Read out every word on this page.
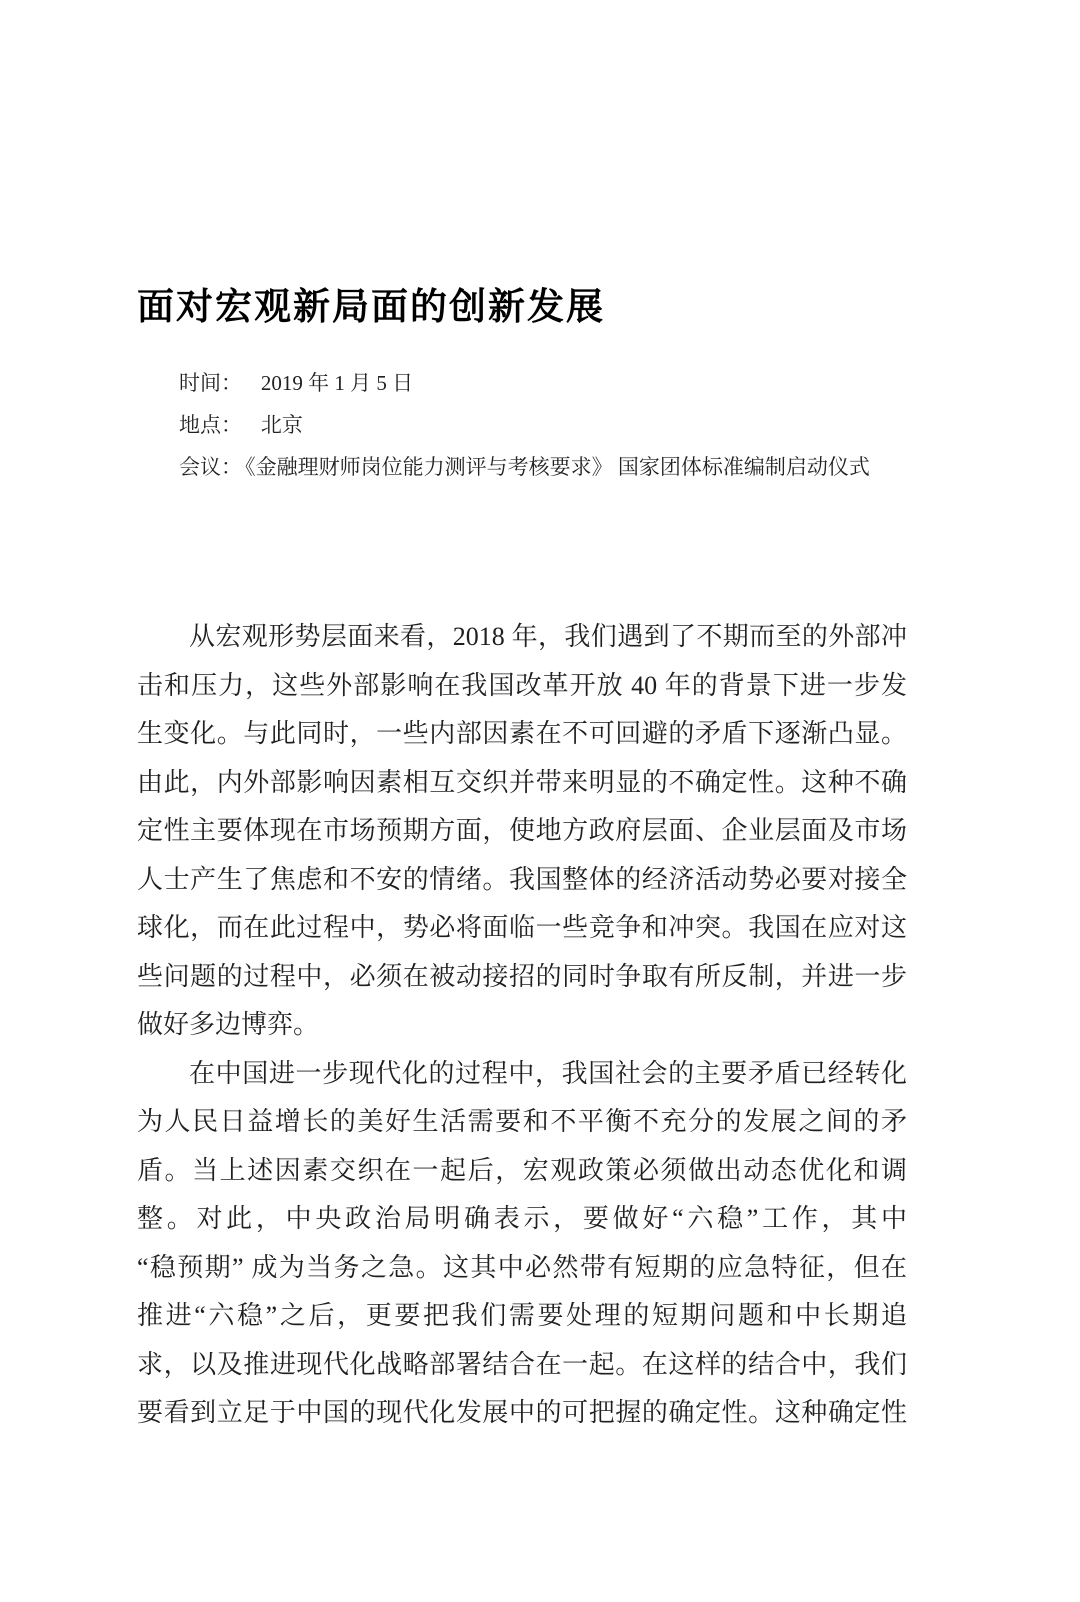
面对宏观新局面的创新发展
时间： 2019 年 1 月 5 日
地点： 北京
会议： 《金融理财师岗位能力测评与考核要求》 国家团体标准编制启动仪式
从宏观形势层面来看，2018 年，我们遇到了不期而至的外部冲
击和压力，这些外部影响在我国改革开放 40 年的背景下进一步发
生变化。与此同时，一些内部因素在不可回避的矛盾下逐渐凸显。
由此，内外部影响因素相互交织并带来明显的不确定性。这种不确
定性主要体现在市场预期方面，使地方政府层面、企业层面及市场
人士产生了焦虑和不安的情绪。我国整体的经济活动势必要对接全
球化，而在此过程中，势必将面临一些竞争和冲突。我国在应对这
些问题的过程中，必须在被动接招的同时争取有所反制，并进一步
做好多边博弈。
在中国进一步现代化的过程中，我国社会的主要矛盾已经转化
为人民日益增长的美好生活需要和不平衡不充分的发展之间的矛
盾。当上述因素交织在一起后，宏观政策必须做出动态优化和调
整。对此，中央政治局明确表示，要做好“六稳”工作，其中
“稳预期” 成为当务之急。这其中必然带有短期的应急特征，但在
推进“六稳”之后，更要把我们需要处理的短期问题和中长期追
求，以及推进现代化战略部署结合在一起。在这样的结合中，我们
要看到立足于中国的现代化发展中的可把握的确定性。这种确定性
